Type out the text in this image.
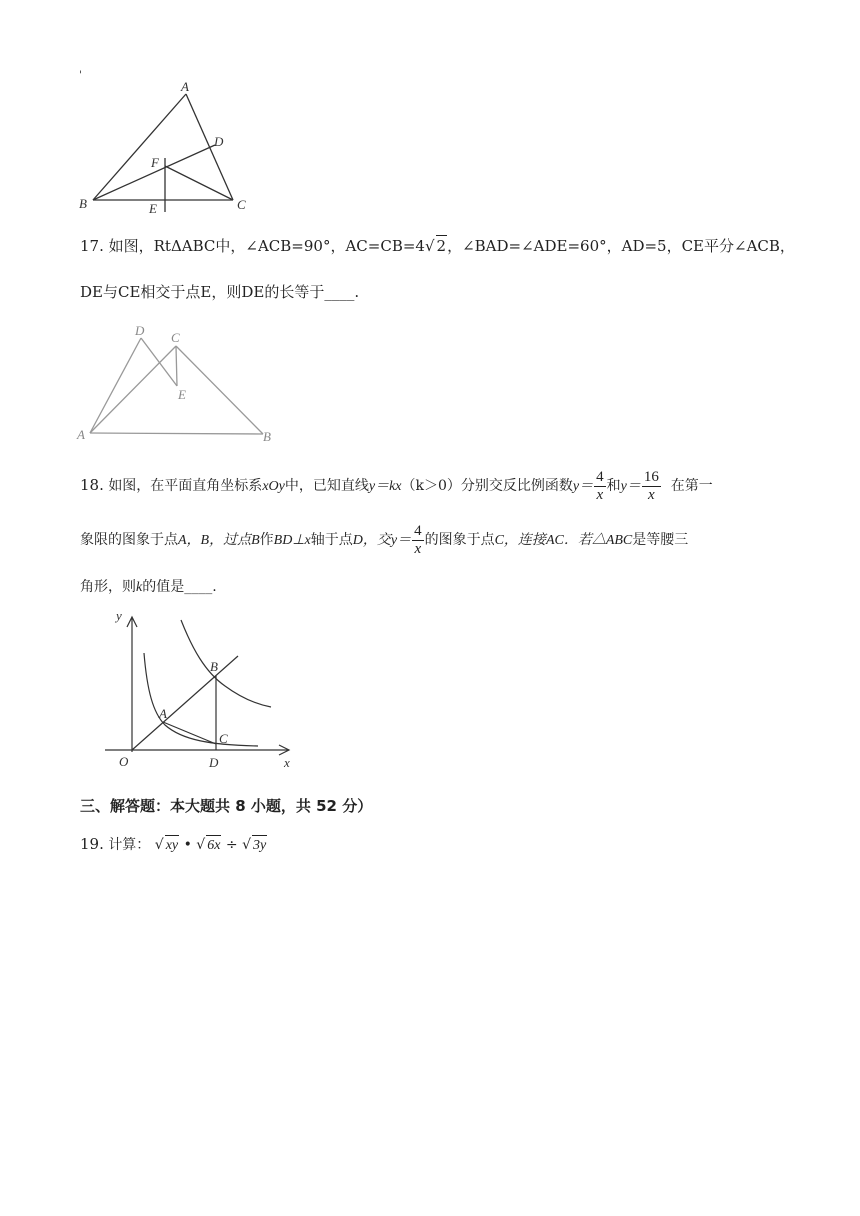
'
A
D
F
B	E	C
17. 如图，RtΔABC中，∠ACB=90°，AC=CB=4√ 2，∠BAD=∠ADE=60°，AD=5，CE平分∠ACB，
DE与CE相交于点E，则DE的长等于____.
D C
E
A	B
18. 如图，在平面直角坐标系xOy中，已知直线y＝kx（k＞0）分别交反比例函数$y= \frac{4}{x}$ 和$y= \frac{16}{x}$ 在第一
象限的图象于点A，B，过点B作BD⊥x轴于点D，交$y= \frac{4}{x}$ 的图象于点C，连接AC．若△ABC是等腰三
角形，则k的值是____.
y
B
A
C
O	D	x
三、解答题：本大题共 8 小题，共 52 分）
19. 计算： √ xy • √ 6x ÷ √ 3y
